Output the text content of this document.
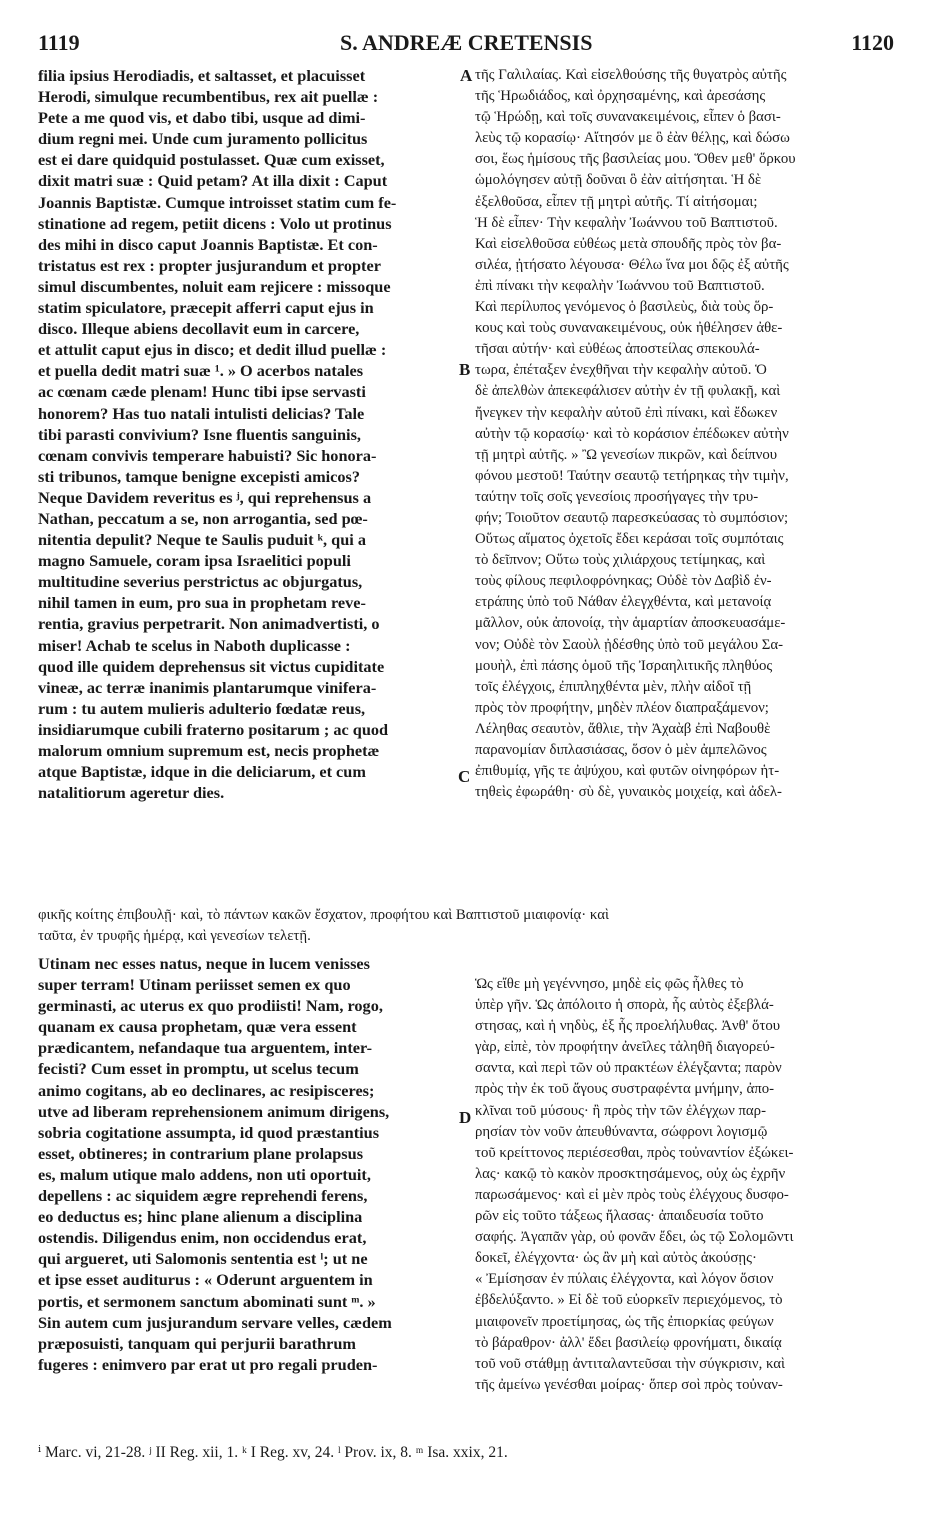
1119	S. ANDREÆ CRETENSIS	1120
filia ipsius Herodiadis, et saltasset, et placuisset
Herodi, simulque recumbentibus, rex ait puellæ :
Pete a me quod vis, et dabo tibi, usque ad dimi-
dium regni mei. Unde cum juramento pollicitus
est ei dare quidquid postulasset. Quæ cum exisset,
dixit matri suæ : Quid petam? At illa dixit : Caput
Joannis Baptistæ. Cumque introisset statim cum fe-
stinatione ad regem, petiit dicens : Volo ut protinus
des mihi in disco caput Joannis Baptistæ. Et con-
tristatus est rex : propter jusjurandum et propter
simul discumbentes, noluit eam rejicere : missoque
statim spiculatore, præcepit afferri caput ejus in
disco. Illeque abiens decollavit eum in carcere,
et attulit caput ejus in disco; et dedit illud puellæ :
et puella dedit matri suæ ¹. » O acerbos natales
ac cœnam cæde plenam! Hunc tibi ipse servasti
honorem? Has tuo natali intulisti delicias? Tale
tibi parasti convivium? Isne fluentis sanguinis,
cœnam convivis temperare habuisti? Sic honora-
sti tribunos, tamque benigne excepisti amicos?
Neque Davidem reveritus es ʲ, qui reprehensus a
Nathan, peccatum a se, non arrogantia, sed pœ-
nitentia depulit? Neque te Saulis puduit ᵏ, qui a
magno Samuele, coram ipsa Israelitici populi
multitudine severius perstrictus ac objurgatus,
nihil tamen in eum, pro sua in prophetam reve-
rentia, gravius perpetrarit. Non animadvertisti, o
miser! Achab te scelus in Naboth duplicasse :
quod ille quidem deprehensus sit victus cupiditate
vineæ, ac terræ inanimis plantarumque vinifera-
rum : tu autem mulieris adulterio fœdatæ reus,
insidiarumque cubili fraterno positarum ; ac quod
malorum omnium supremum est, necis prophetæ
atque Baptistæ, idque in die deliciarum, et cum
natalitiorum ageretur dies.
τῆς Γαλιλαίας. Καὶ εἰσελθούσης τῆς θυγατρὸς αὐτῆς
τῆς Ἡρωδιάδος, καὶ ὀρχησαμένης, καὶ ἀρεσάσης
τῷ Ἡρώδῃ, καὶ τοῖς συνανακειμένοις, εἶπεν ὁ βασι-
λεὺς τῷ κορασίῳ· Αἴτησόν με ὃ ἐὰν θέλῃς, καὶ δώσω
σοι, ἕως ἡμίσους τῆς βασιλείας μου. Ὅθεν μεθ' ὅρκου
ὡμολόγησεν αὐτῇ δοῦναι ὃ ἐὰν αἰτήσηται. Ἡ δὲ
ἐξελθοῦσα, εἶπεν τῇ μητρὶ αὐτῆς. Τί αἰτήσομαι;
Ἡ δὲ εἶπεν· Τὴν κεφαλὴν Ἰωάννου τοῦ Βαπτιστοῦ.
Καὶ εἰσελθοῦσα εὐθέως μετὰ σπουδῆς πρὸς τὸν βα-
σιλέα, ᾐτήσατο λέγουσα· Θέλω ἵνα μοι δῷς ἐξ αὐτῆς
ἐπὶ πίνακι τὴν κεφαλὴν Ἰωάννου τοῦ Βαπτιστοῦ.
Καὶ περίλυπος γενόμενος ὁ βασιλεὺς, διὰ τοὺς ὅρ-
κους καὶ τοὺς συνανακειμένους, οὐκ ἠθέλησεν ἀθε-
τῆσαι αὐτήν· καὶ εὐθέως ἀποστείλας σπεκουλά-
τωρα, ἐπέταξεν ἐνεχθῆναι τὴν κεφαλὴν αὐτοῦ. Ὁ
δὲ ἀπελθὼν ἀπεκεφάλισεν αὐτὴν ἐν τῇ φυλακῇ, καὶ
ἤνεγκεν τὴν κεφαλὴν αὐτοῦ ἐπὶ πίνακι, καὶ ἔδωκεν
αὐτὴν τῷ κορασίῳ· καὶ τὸ κοράσιον ἐπέδωκεν αὐτὴν
τῇ μητρὶ αὐτῆς. » Ὢ γενεσίων πικρῶν, καὶ δείπνου
φόνου μεστοῦ! Ταύτην σεαυτῷ τετήρηκας τὴν τιμὴν,
ταύτην τοῖς σοῖς γενεσίοις προσήγαγες τὴν τρυ-
φήν; Τοιοῦτον σεαυτῷ παρεσκεύασας τὸ συμπόσιον;
Οὕτως αἵματος ὀχετοῖς ἔδει κεράσαι τοῖς συμπόταις
τὸ δεῖπνον; Οὕτω τοὺς χιλιάρχους τετίμηκας, καὶ
τοὺς φίλους πεφιλοφρόνηκας; Οὐδὲ τὸν Δαβὶδ ἐν-
ετράπης ὑπὸ τοῦ Νάθαν ἐλεγχθέντα, καὶ μετανοίᾳ
μᾶλλον, οὐκ ἀπονοίᾳ, τὴν ἁμαρτίαν ἀποσκευασάμε-
νον; Οὐδὲ τὸν Σαοὺλ ᾐδέσθης ὑπὸ τοῦ μεγάλου Σα-
μουὴλ, ἐπὶ πάσης ὁμοῦ τῆς Ἰσραηλιτικῆς πληθύος
τοῖς ἐλέγχοις, ἐπιπληχθέντα μὲν, πλὴν αἰδοῖ τῇ
πρὸς τὸν προφήτην, μηδὲν πλέον διαπραξάμενον;
Λέληθας σεαυτὸν, ἄθλιε, τὴν Ἀχαὰβ ἐπὶ Ναβουθὲ
παρανομίαν διπλασιάσας, ὅσον ὁ μὲν ἀμπελῶνος
ἐπιθυμίᾳ, γῆς τε ἀψύχου, καὶ φυτῶν οἰνηφόρων ἡτ-
τηθεὶς ἐφωράθη· σὺ δὲ, γυναικὸς μοιχείᾳ, καὶ ἀδελ-
A
B
C
D
φικῆς κοίτης ἐπιβουλῇ· καὶ, τὸ πάντων κακῶν ἔσχατον, προφήτου καὶ Βαπτιστοῦ μιαιφονίᾳ· καὶ
ταῦτα, ἐν τρυφῆς ἡμέρᾳ, καὶ γενεσίων τελετῇ.
Utinam nec esses natus, neque in lucem venisses
super terram! Utinam periisset semen ex quo
germinasti, ac uterus ex quo prodiisti! Nam, rogo,
quanam ex causa prophetam, quæ vera essent
prædicantem, nefandaque tua arguentem, inter-
fecisti? Cum esset in promptu, ut scelus tecum
animo cogitans, ab eo declinares, ac resipisceres;
utve ad liberam reprehensionem animum dirigens,
sobria cogitatione assumpta, id quod præstantius
esset, obtineres; in contrarium plane prolapsus
es, malum utique malo addens, non uti oportuit,
depellens : ac siquidem ægre reprehendi ferens,
eo deductus es; hinc plane alienum a disciplina
ostendis. Diligendus enim, non occidendus erat,
qui argueret, uti Salomonis sententia est ˡ; ut ne
et ipse esset auditurus : « Oderunt arguentem in
portis, et sermonem sanctum abominati sunt ᵐ. »
Sin autem cum jusjurandum servare velles, cædem
præposuisti, tanquam qui perjurii barathrum
fugeres : enimvero par erat ut pro regali pruden-
Ὡς εἴθε μὴ γεγέννησο, μηδὲ εἰς φῶς ἦλθες τὸ
ὑπὲρ γῆν. Ὡς ἀπόλοιτο ἡ σπορὰ, ἧς αὐτὸς ἐξεβλά-
στησας, καὶ ἡ νηδὺς, ἐξ ἧς προελήλυθας. Ἀνθ' ὅτου
γὰρ, εἰπὲ, τὸν προφήτην ἀνεῖλες τἀληθῆ διαγορεύ-
σαντα, καὶ περὶ τῶν οὐ πρακτέων ἐλέγξαντα; παρὸν
πρὸς τὴν ἐκ τοῦ ἄγους συστραφέντα μνήμην, ἀπο-
κλῖναι τοῦ μύσους· ἢ πρὸς τὴν τῶν ἐλέγχων παρ-
ρησίαν τὸν νοῦν ἀπευθύναντα, σώφρονι λογισμῷ
τοῦ κρείττονος περιέσεσθαι, πρὸς τοὐναντίον ἐξώκει-
λας· κακῷ τὸ κακὸν προσκτησάμενος, οὐχ ὡς ἐχρῆν
παρωσάμενος· καὶ εἰ μὲν πρὸς τοὺς ἐλέγχους δυσφο-
ρῶν εἰς τοῦτο τάξεως ἤλασας· ἀπαιδευσία τοῦτο
σαφής. Ἀγαπᾶν γὰρ, οὐ φονᾶν ἔδει, ὡς τῷ Σολομῶντι
δοκεῖ, ἐλέγχοντα· ὡς ἂν μὴ καὶ αὐτὸς ἀκούσῃς·
« Ἐμίσησαν ἐν πύλαις ἐλέγχοντα, καὶ λόγον ὅσιον
ἐβδελύξαντο. » Εἰ δὲ τοῦ εὐορκεῖν περιεχόμενος, τὸ
μιαιφονεῖν προετίμησας, ὡς τῆς ἐπιορκίας φεύγων
τὸ βάραθρον· ἀλλ' ἔδει βασιλείῳ φρονήματι, δικαίᾳ
τοῦ νοῦ στάθμῃ ἀντιταλαντεῦσαι τὴν σύγκρισιν, καὶ
τῆς ἀμείνω γενέσθαι μοίρας· ὅπερ σοὶ πρὸς τοὐναν-
ⁱ Marc. vi, 21-28. ʲ II Reg. xii, 1. ᵏ I Reg. xv, 24. ˡ Prov. ix, 8. ᵐ Isa. xxix, 21.
